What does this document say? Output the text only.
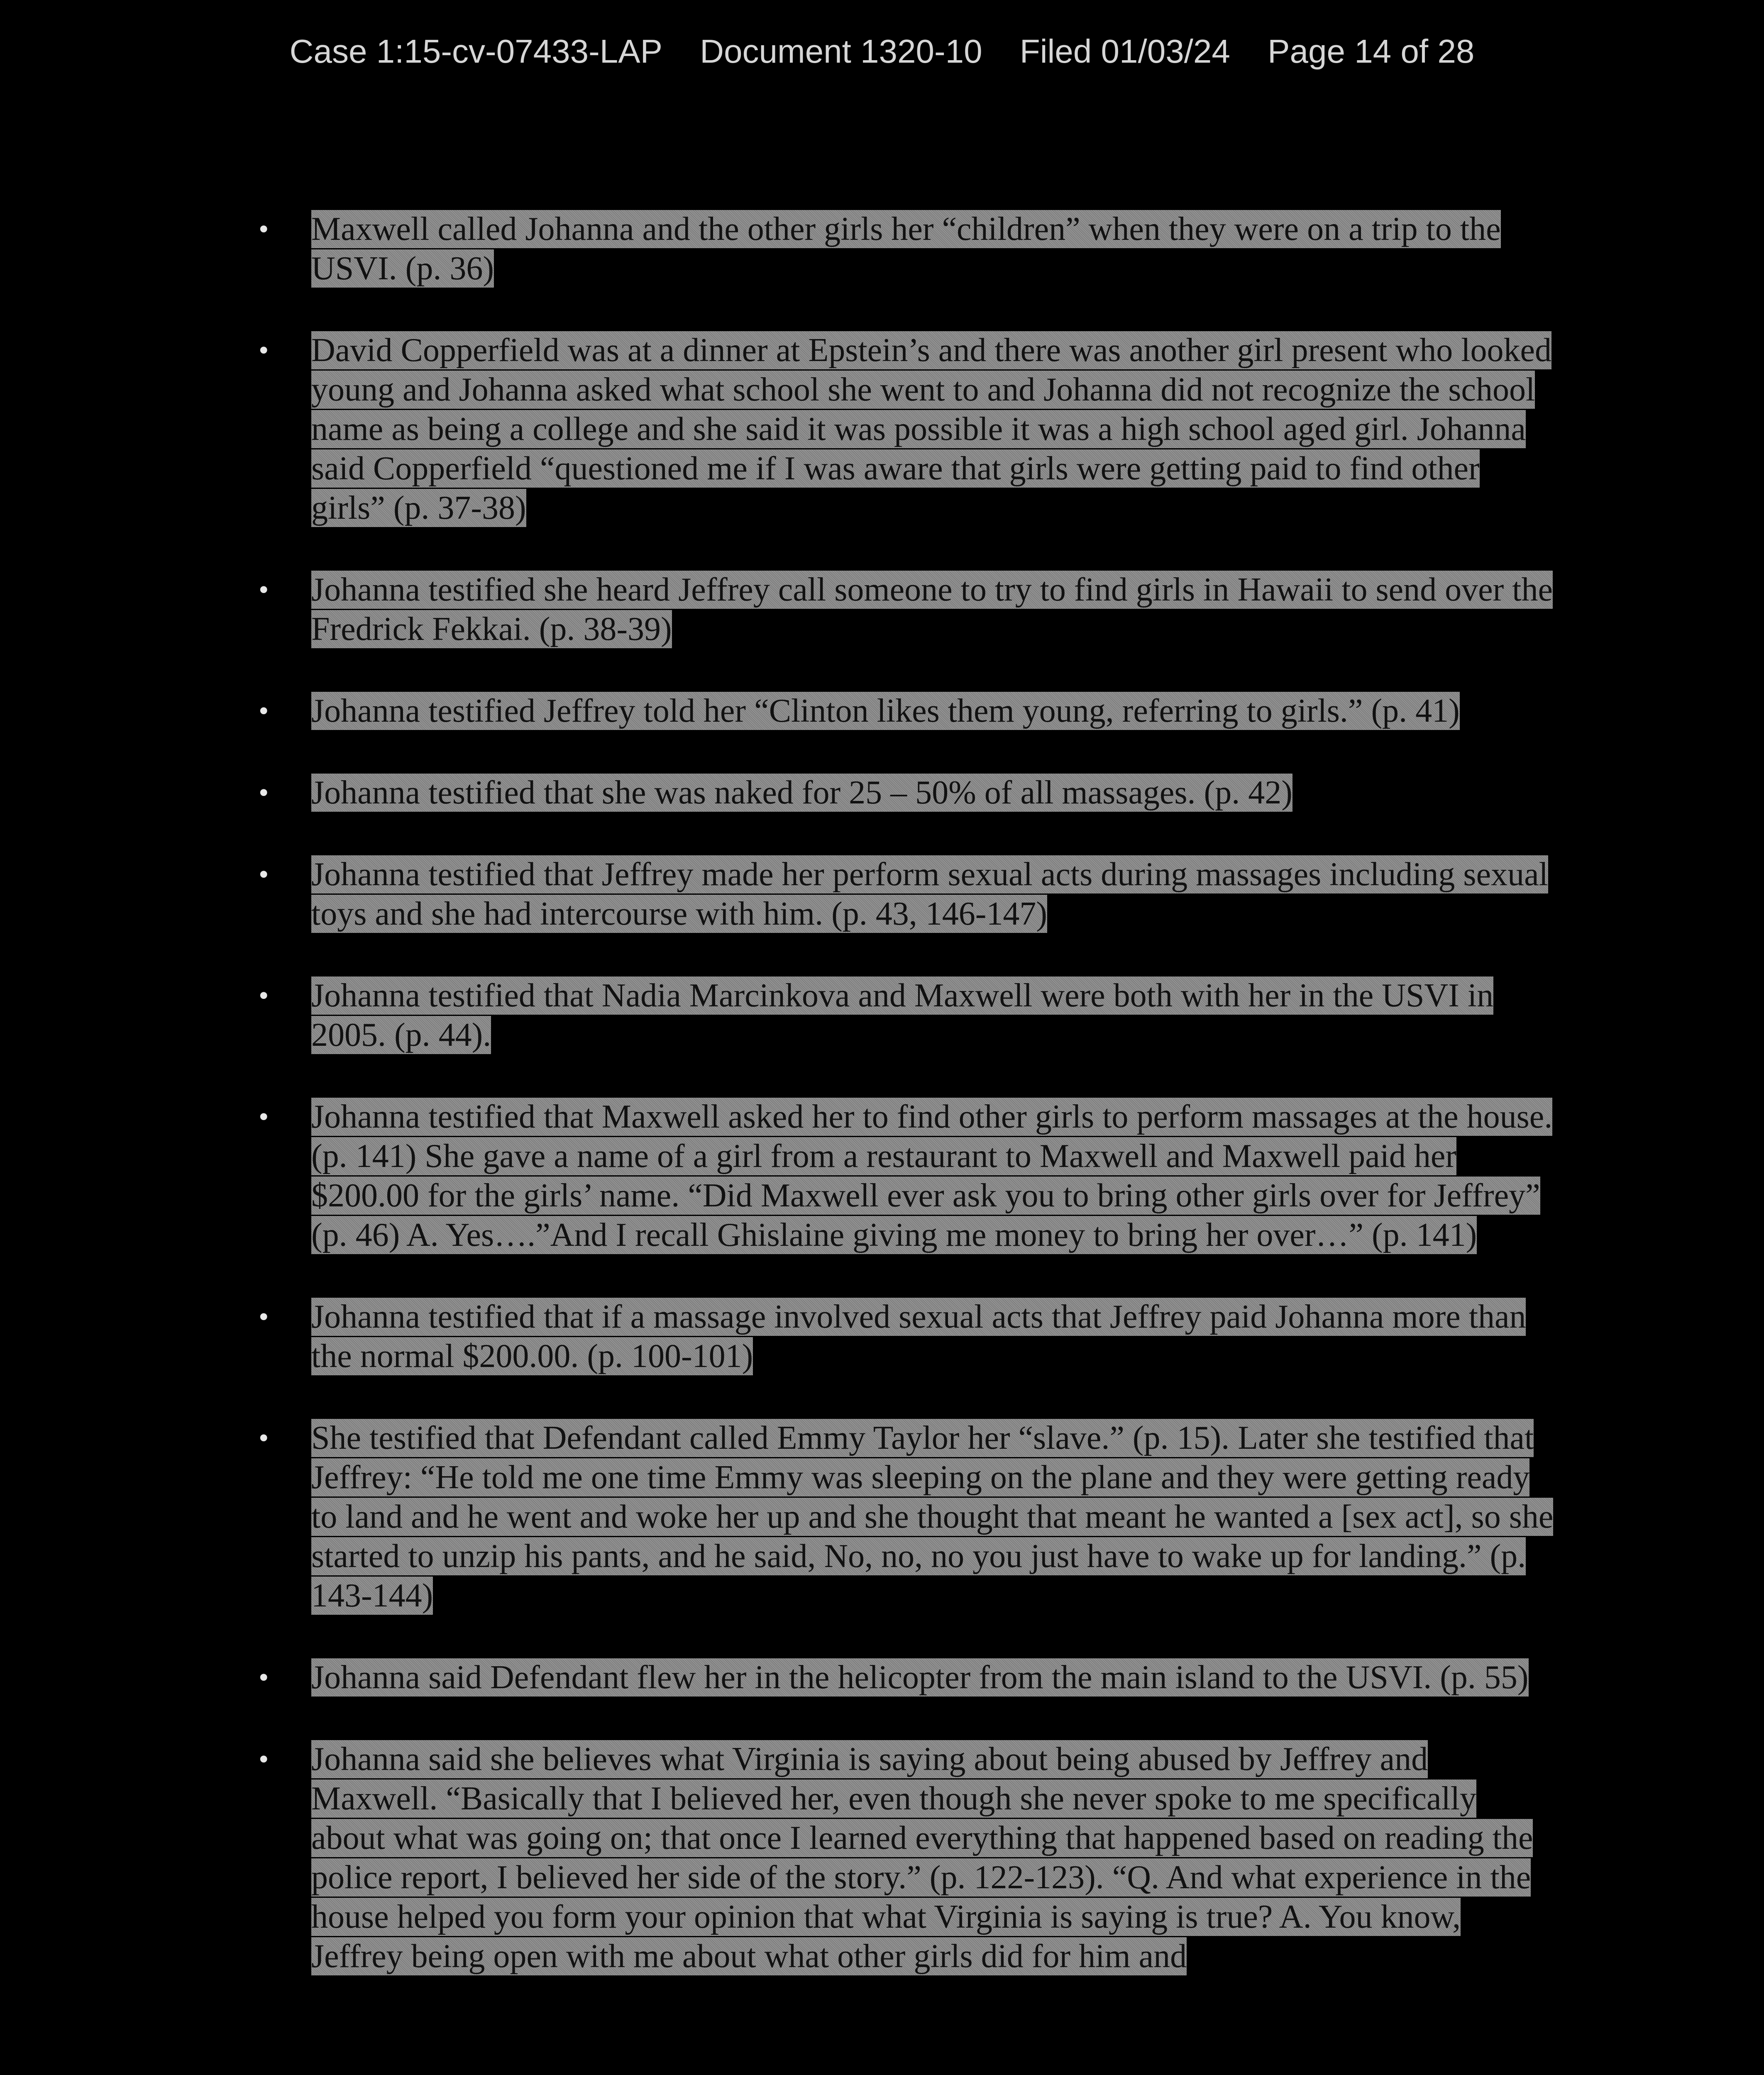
Case 1:15-cv-07433-LAP Document 1320-10 Filed 01/03/24 Page 14 of 28
•	Maxwell called Johanna and the other girls her “children” when they were on a trip to the USVI. (p. 36)
•	David Copperfield was at a dinner at Epstein’s and there was another girl present who looked young and Johanna asked what school she went to and Johanna did not recognize the school name as being a college and she said it was possible it was a high school aged girl. Johanna said Copperfield “questioned me if I was aware that girls were getting paid to find other girls” (p. 37-38)
•	Johanna testified she heard Jeffrey call someone to try to find girls in Hawaii to send over the Fredrick Fekkai. (p. 38-39)
•	Johanna testified Jeffrey told her “Clinton likes them young, referring to girls.” (p. 41)
•	Johanna testified that she was naked for 25 – 50% of all massages. (p. 42)
•	Johanna testified that Jeffrey made her perform sexual acts during massages including sexual toys and she had intercourse with him. (p. 43, 146-147)
•	Johanna testified that Nadia Marcinkova and Maxwell were both with her in the USVI in 2005. (p. 44).
•	Johanna testified that Maxwell asked her to find other girls to perform massages at the house. (p. 141) She gave a name of a girl from a restaurant to Maxwell and Maxwell paid her $200.00 for the girls’ name. “Did Maxwell ever ask you to bring other girls over for Jeffrey” (p. 46) A. Yes….”And I recall Ghislaine giving me money to bring her over…” (p. 141)
•	Johanna testified that if a massage involved sexual acts that Jeffrey paid Johanna more than the normal $200.00. (p. 100-101)
•	She testified that Defendant called Emmy Taylor her “slave.” (p. 15). Later she testified that Jeffrey: “He told me one time Emmy was sleeping on the plane and they were getting ready to land and he went and woke her up and she thought that meant he wanted a [sex act], so she started to unzip his pants, and he said, No, no, no you just have to wake up for landing.” (p. 143-144)
•	Johanna said Defendant flew her in the helicopter from the main island to the USVI. (p. 55)
•	Johanna said she believes what Virginia is saying about being abused by Jeffrey and Maxwell. “Basically that I believed her, even though she never spoke to me specifically about what was going on; that once I learned everything that happened based on reading the police report, I believed her side of the story.” (p. 122-123). “Q. And what experience in the house helped you form your opinion that what Virginia is saying is true? A. You know, Jeffrey being open with me about what other girls did for him and
